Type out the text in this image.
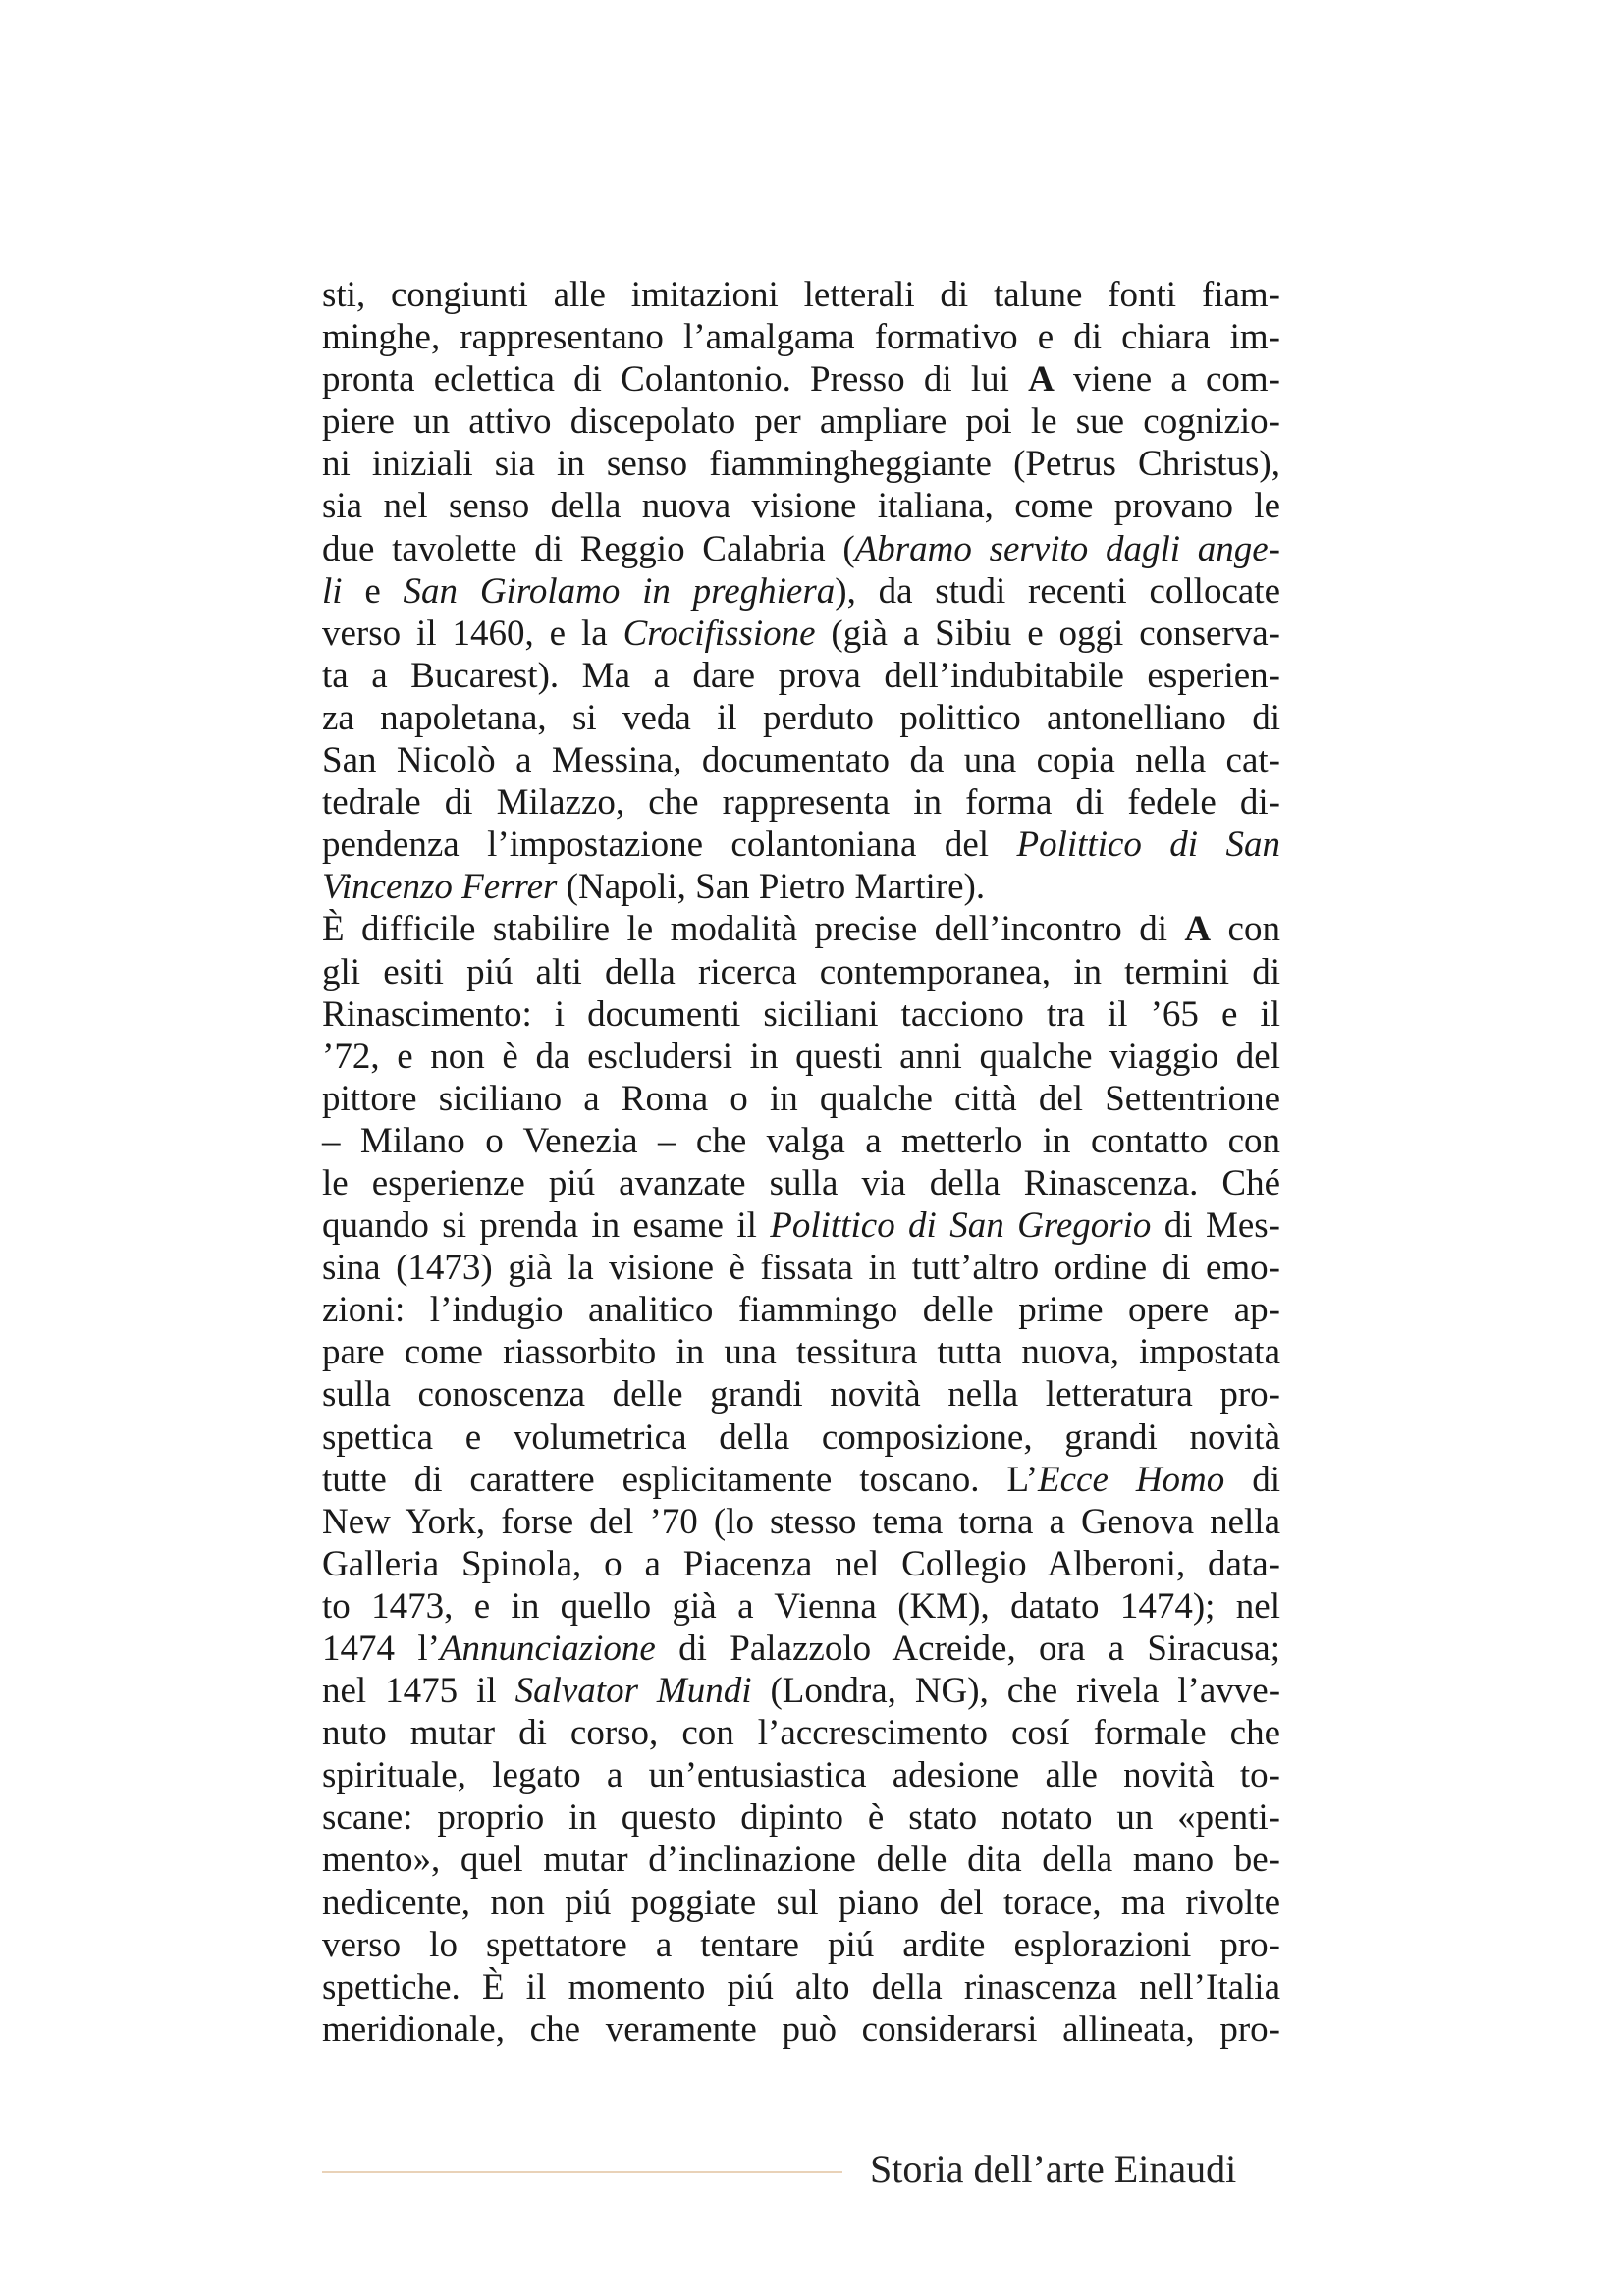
sti, congiunti alle imitazioni letterali di talune fonti fiam-
minghe, rappresentano l’amalgama formativo e di chiara im-
pronta eclettica di Colantonio. Presso di lui A viene a com-
piere un attivo discepolato per ampliare poi le sue cognizio-
ni iniziali sia in senso fiammingheggiante (Petrus Christus),
sia nel senso della nuova visione italiana, come provano le
due tavolette di Reggio Calabria (Abramo servito dagli ange-
li e San Girolamo in preghiera), da studi recenti collocate
verso il 1460, e la Crocifissione (già a Sibiu e oggi conserva-
ta a Bucarest). Ma a dare prova dell’indubitabile esperien-
za napoletana, si veda il perduto polittico antonelliano di
San Nicolò a Messina, documentato da una copia nella cat-
tedrale di Milazzo, che rappresenta in forma di fedele di-
pendenza l’impostazione colantoniana del Polittico di San
Vincenzo Ferrer (Napoli, San Pietro Martire).
È difficile stabilire le modalità precise dell’incontro di A con
gli esiti piú alti della ricerca contemporanea, in termini di
Rinascimento: i documenti siciliani tacciono tra il ’65 e il
’72, e non è da escludersi in questi anni qualche viaggio del
pittore siciliano a Roma o in qualche città del Settentrione
– Milano o Venezia – che valga a metterlo in contatto con
le esperienze piú avanzate sulla via della Rinascenza. Ché
quando si prenda in esame il Polittico di San Gregorio di Mes-
sina (1473) già la visione è fissata in tutt’altro ordine di emo-
zioni: l’indugio analitico fiammingo delle prime opere ap-
pare come riassorbito in una tessitura tutta nuova, impostata
sulla conoscenza delle grandi novità nella letteratura pro-
spettica e volumetrica della composizione, grandi novità
tutte di carattere esplicitamente toscano. L’Ecce Homo di
New York, forse del ’70 (lo stesso tema torna a Genova nella
Galleria Spinola, o a Piacenza nel Collegio Alberoni, data-
to 1473, e in quello già a Vienna (KM), datato 1474); nel
1474 l’Annunciazione di Palazzolo Acreide, ora a Siracusa;
nel 1475 il Salvator Mundi (Londra, NG), che rivela l’avve-
nuto mutar di corso, con l’accrescimento cosí formale che
spirituale, legato a un’entusiastica adesione alle novità to-
scane: proprio in questo dipinto è stato notato un «penti-
mento», quel mutar d’inclinazione delle dita della mano be-
nedicente, non piú poggiate sul piano del torace, ma rivolte
verso lo spettatore a tentare piú ardite esplorazioni pro-
spettiche. È il momento piú alto della rinascenza nell’Italia
meridionale, che veramente può considerarsi allineata, pro-
Storia dell’arte Einaudi
